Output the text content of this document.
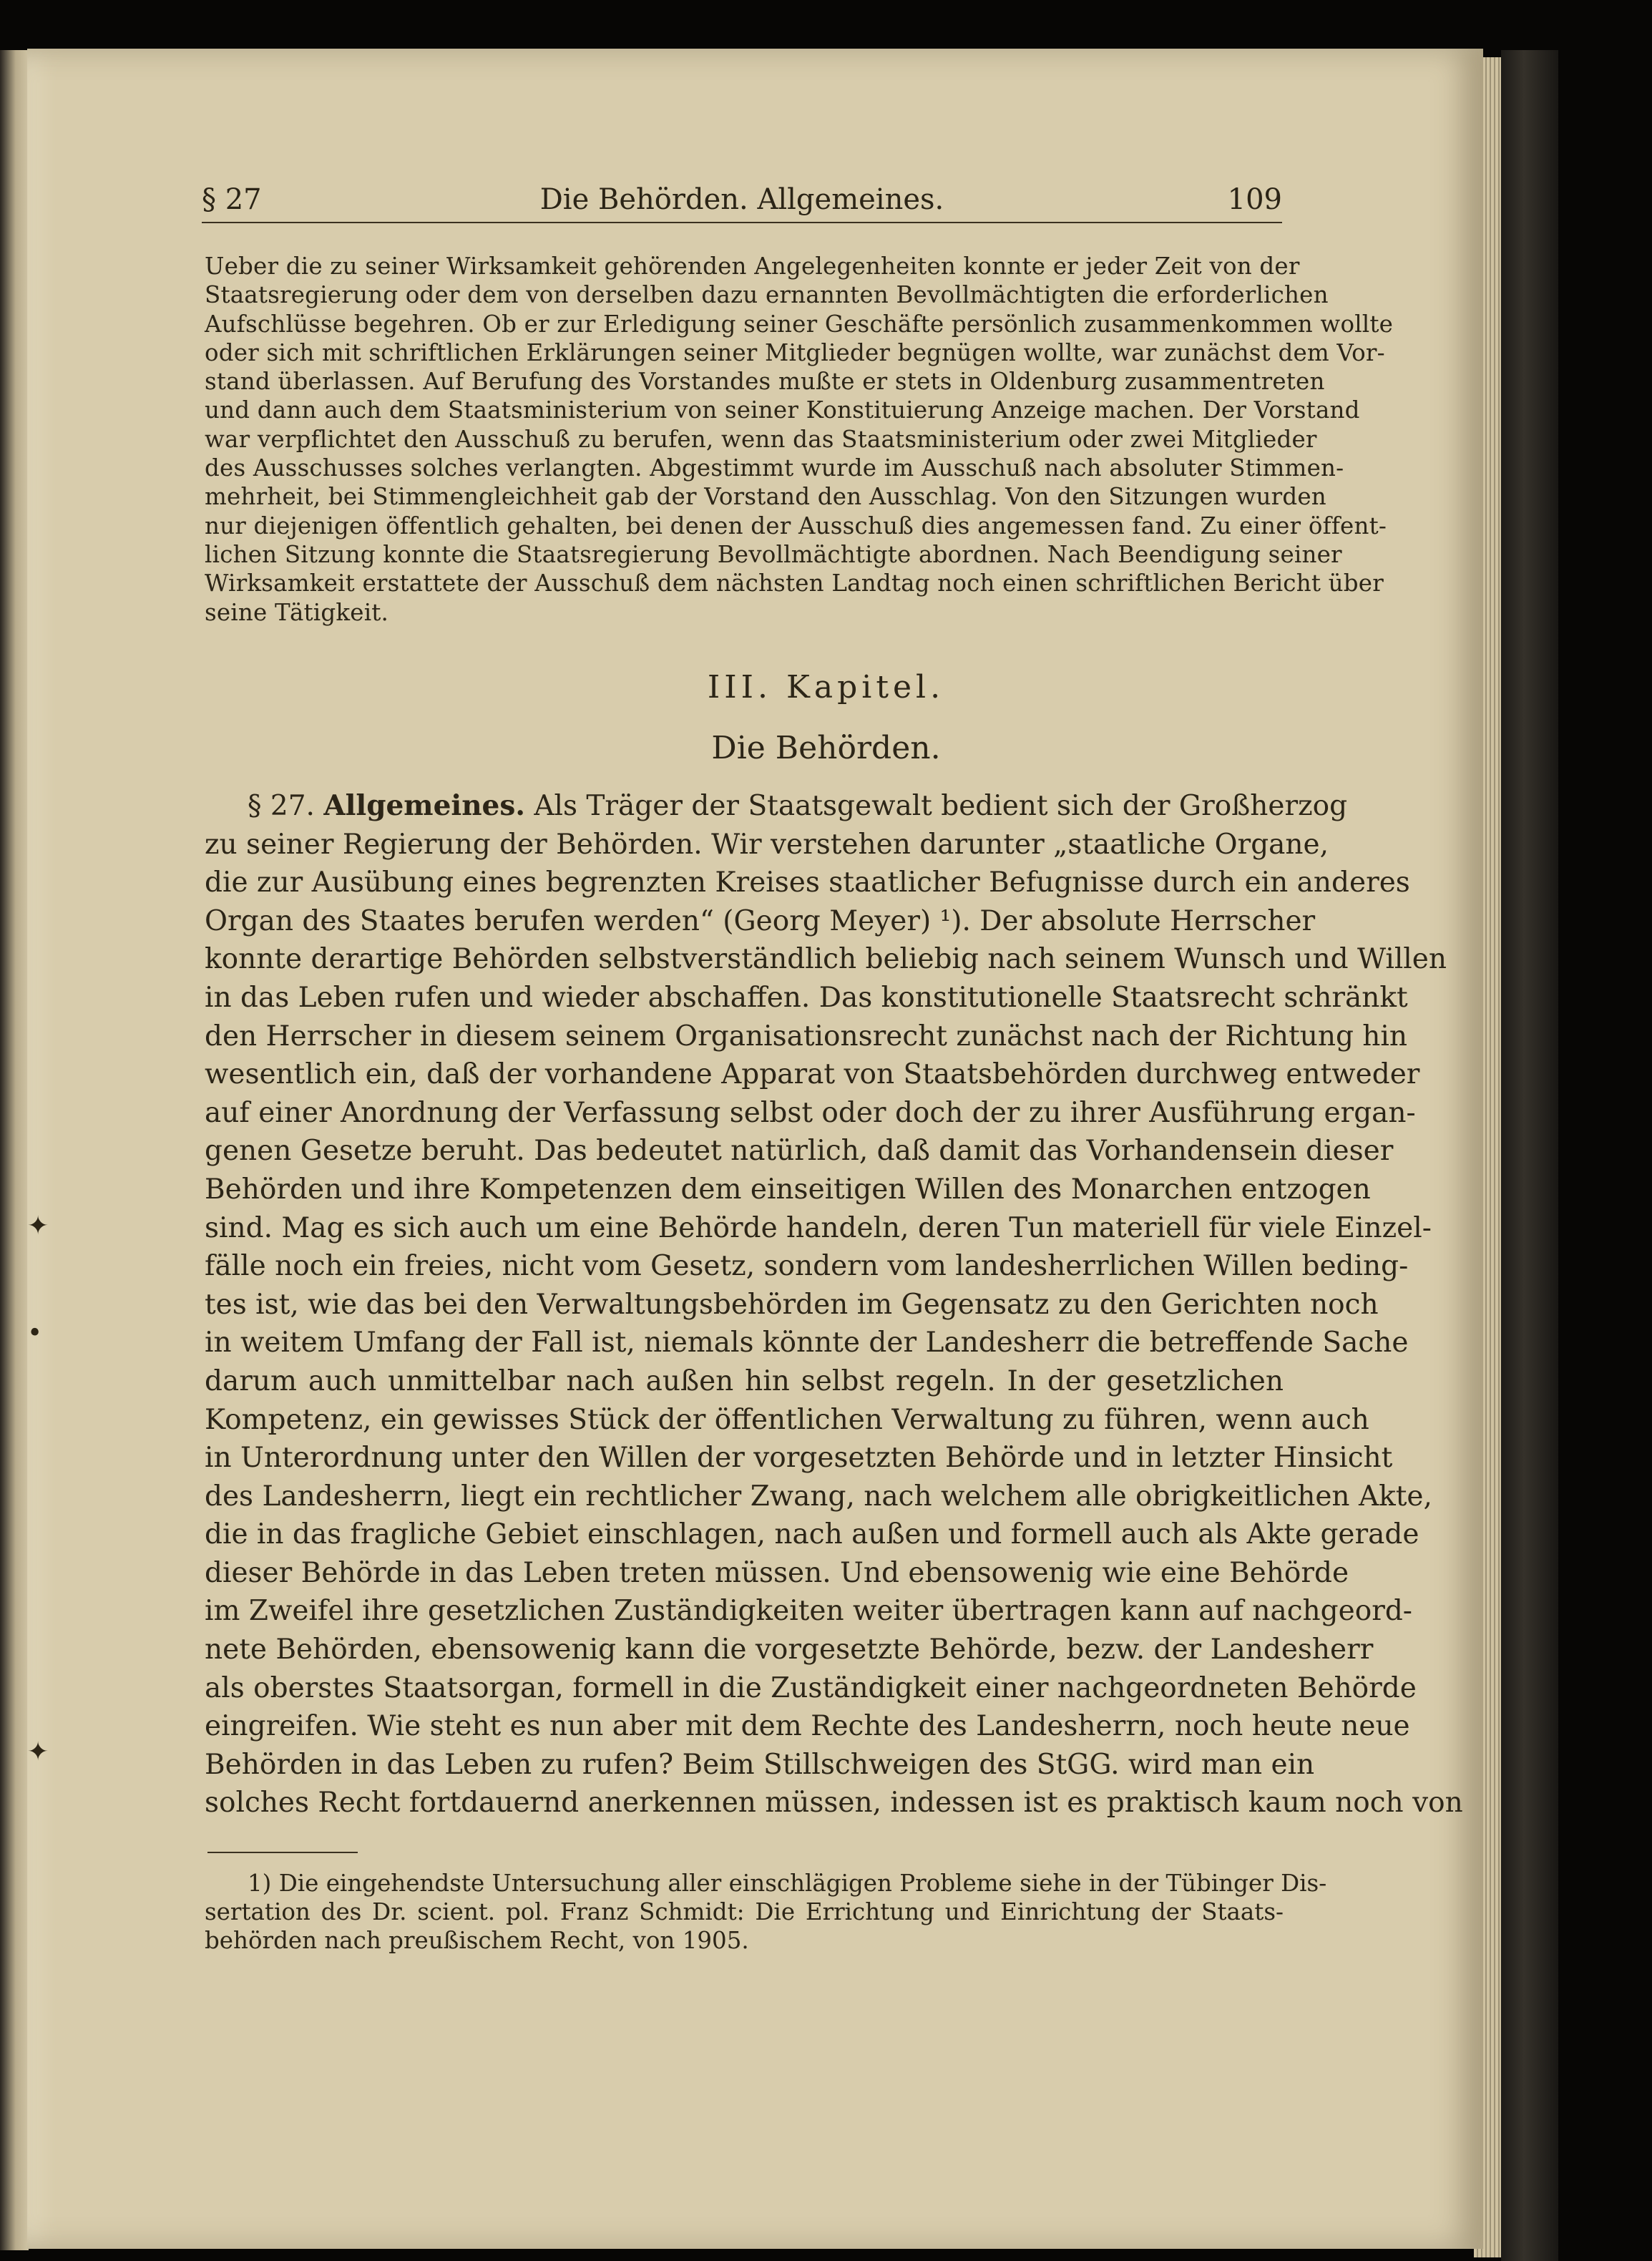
✦
•
✦
§ 27	Die Behörden. Allgemeines.	109
Ueber die zu seiner Wirksamkeit gehörenden Angelegenheiten konnte er jeder Zeit von der
Staatsregierung oder dem von derselben dazu ernannten Bevollmächtigten die erforderlichen
Aufschlüsse begehren. Ob er zur Erledigung seiner Geschäfte persönlich zusammenkommen wollte
oder sich mit schriftlichen Erklärungen seiner Mitglieder begnügen wollte, war zunächst dem Vor-
stand überlassen. Auf Berufung des Vorstandes mußte er stets in Oldenburg zusammentreten
und dann auch dem Staatsministerium von seiner Konstituierung Anzeige machen. Der Vorstand
war verpflichtet den Ausschuß zu berufen, wenn das Staatsministerium oder zwei Mitglieder
des Ausschusses solches verlangten. Abgestimmt wurde im Ausschuß nach absoluter Stimmen-
mehrheit, bei Stimmengleichheit gab der Vorstand den Ausschlag. Von den Sitzungen wurden
nur diejenigen öffentlich gehalten, bei denen der Ausschuß dies angemessen fand. Zu einer öffent-
lichen Sitzung konnte die Staatsregierung Bevollmächtigte abordnen. Nach Beendigung seiner
Wirksamkeit erstattete der Ausschuß dem nächsten Landtag noch einen schriftlichen Bericht über
seine Tätigkeit.
III. Kapitel.
Die Behörden.
§ 27. Allgemeines. Als Träger der Staatsgewalt bedient sich der Großherzog
zu seiner Regierung der Behörden. Wir verstehen darunter „staatliche Organe,
die zur Ausübung eines begrenzten Kreises staatlicher Befugnisse durch ein anderes
Organ des Staates berufen werden“ (Georg Meyer) ¹). Der absolute Herrscher
konnte derartige Behörden selbstverständlich beliebig nach seinem Wunsch und Willen
in das Leben rufen und wieder abschaffen. Das konstitutionelle Staatsrecht schränkt
den Herrscher in diesem seinem Organisationsrecht zunächst nach der Richtung hin
wesentlich ein, daß der vorhandene Apparat von Staatsbehörden durchweg entweder
auf einer Anordnung der Verfassung selbst oder doch der zu ihrer Ausführung ergan-
genen Gesetze beruht. Das bedeutet natürlich, daß damit das Vorhandensein dieser
Behörden und ihre Kompetenzen dem einseitigen Willen des Monarchen entzogen
sind. Mag es sich auch um eine Behörde handeln, deren Tun materiell für viele Einzel-
fälle noch ein freies, nicht vom Gesetz, sondern vom landesherrlichen Willen beding-
tes ist, wie das bei den Verwaltungsbehörden im Gegensatz zu den Gerichten noch
in weitem Umfang der Fall ist, niemals könnte der Landesherr die betreffende Sache
darum auch unmittelbar nach außen hin selbst regeln. In der gesetzlichen
Kompetenz, ein gewisses Stück der öffentlichen Verwaltung zu führen, wenn auch
in Unterordnung unter den Willen der vorgesetzten Behörde und in letzter Hinsicht
des Landesherrn, liegt ein rechtlicher Zwang, nach welchem alle obrigkeitlichen Akte,
die in das fragliche Gebiet einschlagen, nach außen und formell auch als Akte gerade
dieser Behörde in das Leben treten müssen. Und ebensowenig wie eine Behörde
im Zweifel ihre gesetzlichen Zuständigkeiten weiter übertragen kann auf nachgeord-
nete Behörden, ebensowenig kann die vorgesetzte Behörde, bezw. der Landesherr
als oberstes Staatsorgan, formell in die Zuständigkeit einer nachgeordneten Behörde
eingreifen. Wie steht es nun aber mit dem Rechte des Landesherrn, noch heute neue
Behörden in das Leben zu rufen? Beim Stillschweigen des StGG. wird man ein
solches Recht fortdauernd anerkennen müssen, indessen ist es praktisch kaum noch von
1) Die eingehendste Untersuchung aller einschlägigen Probleme siehe in der Tübinger Dis-
sertation des Dr. scient. pol. Franz Schmidt: Die Errichtung und Einrichtung der Staats-
behörden nach preußischem Recht, von 1905.
